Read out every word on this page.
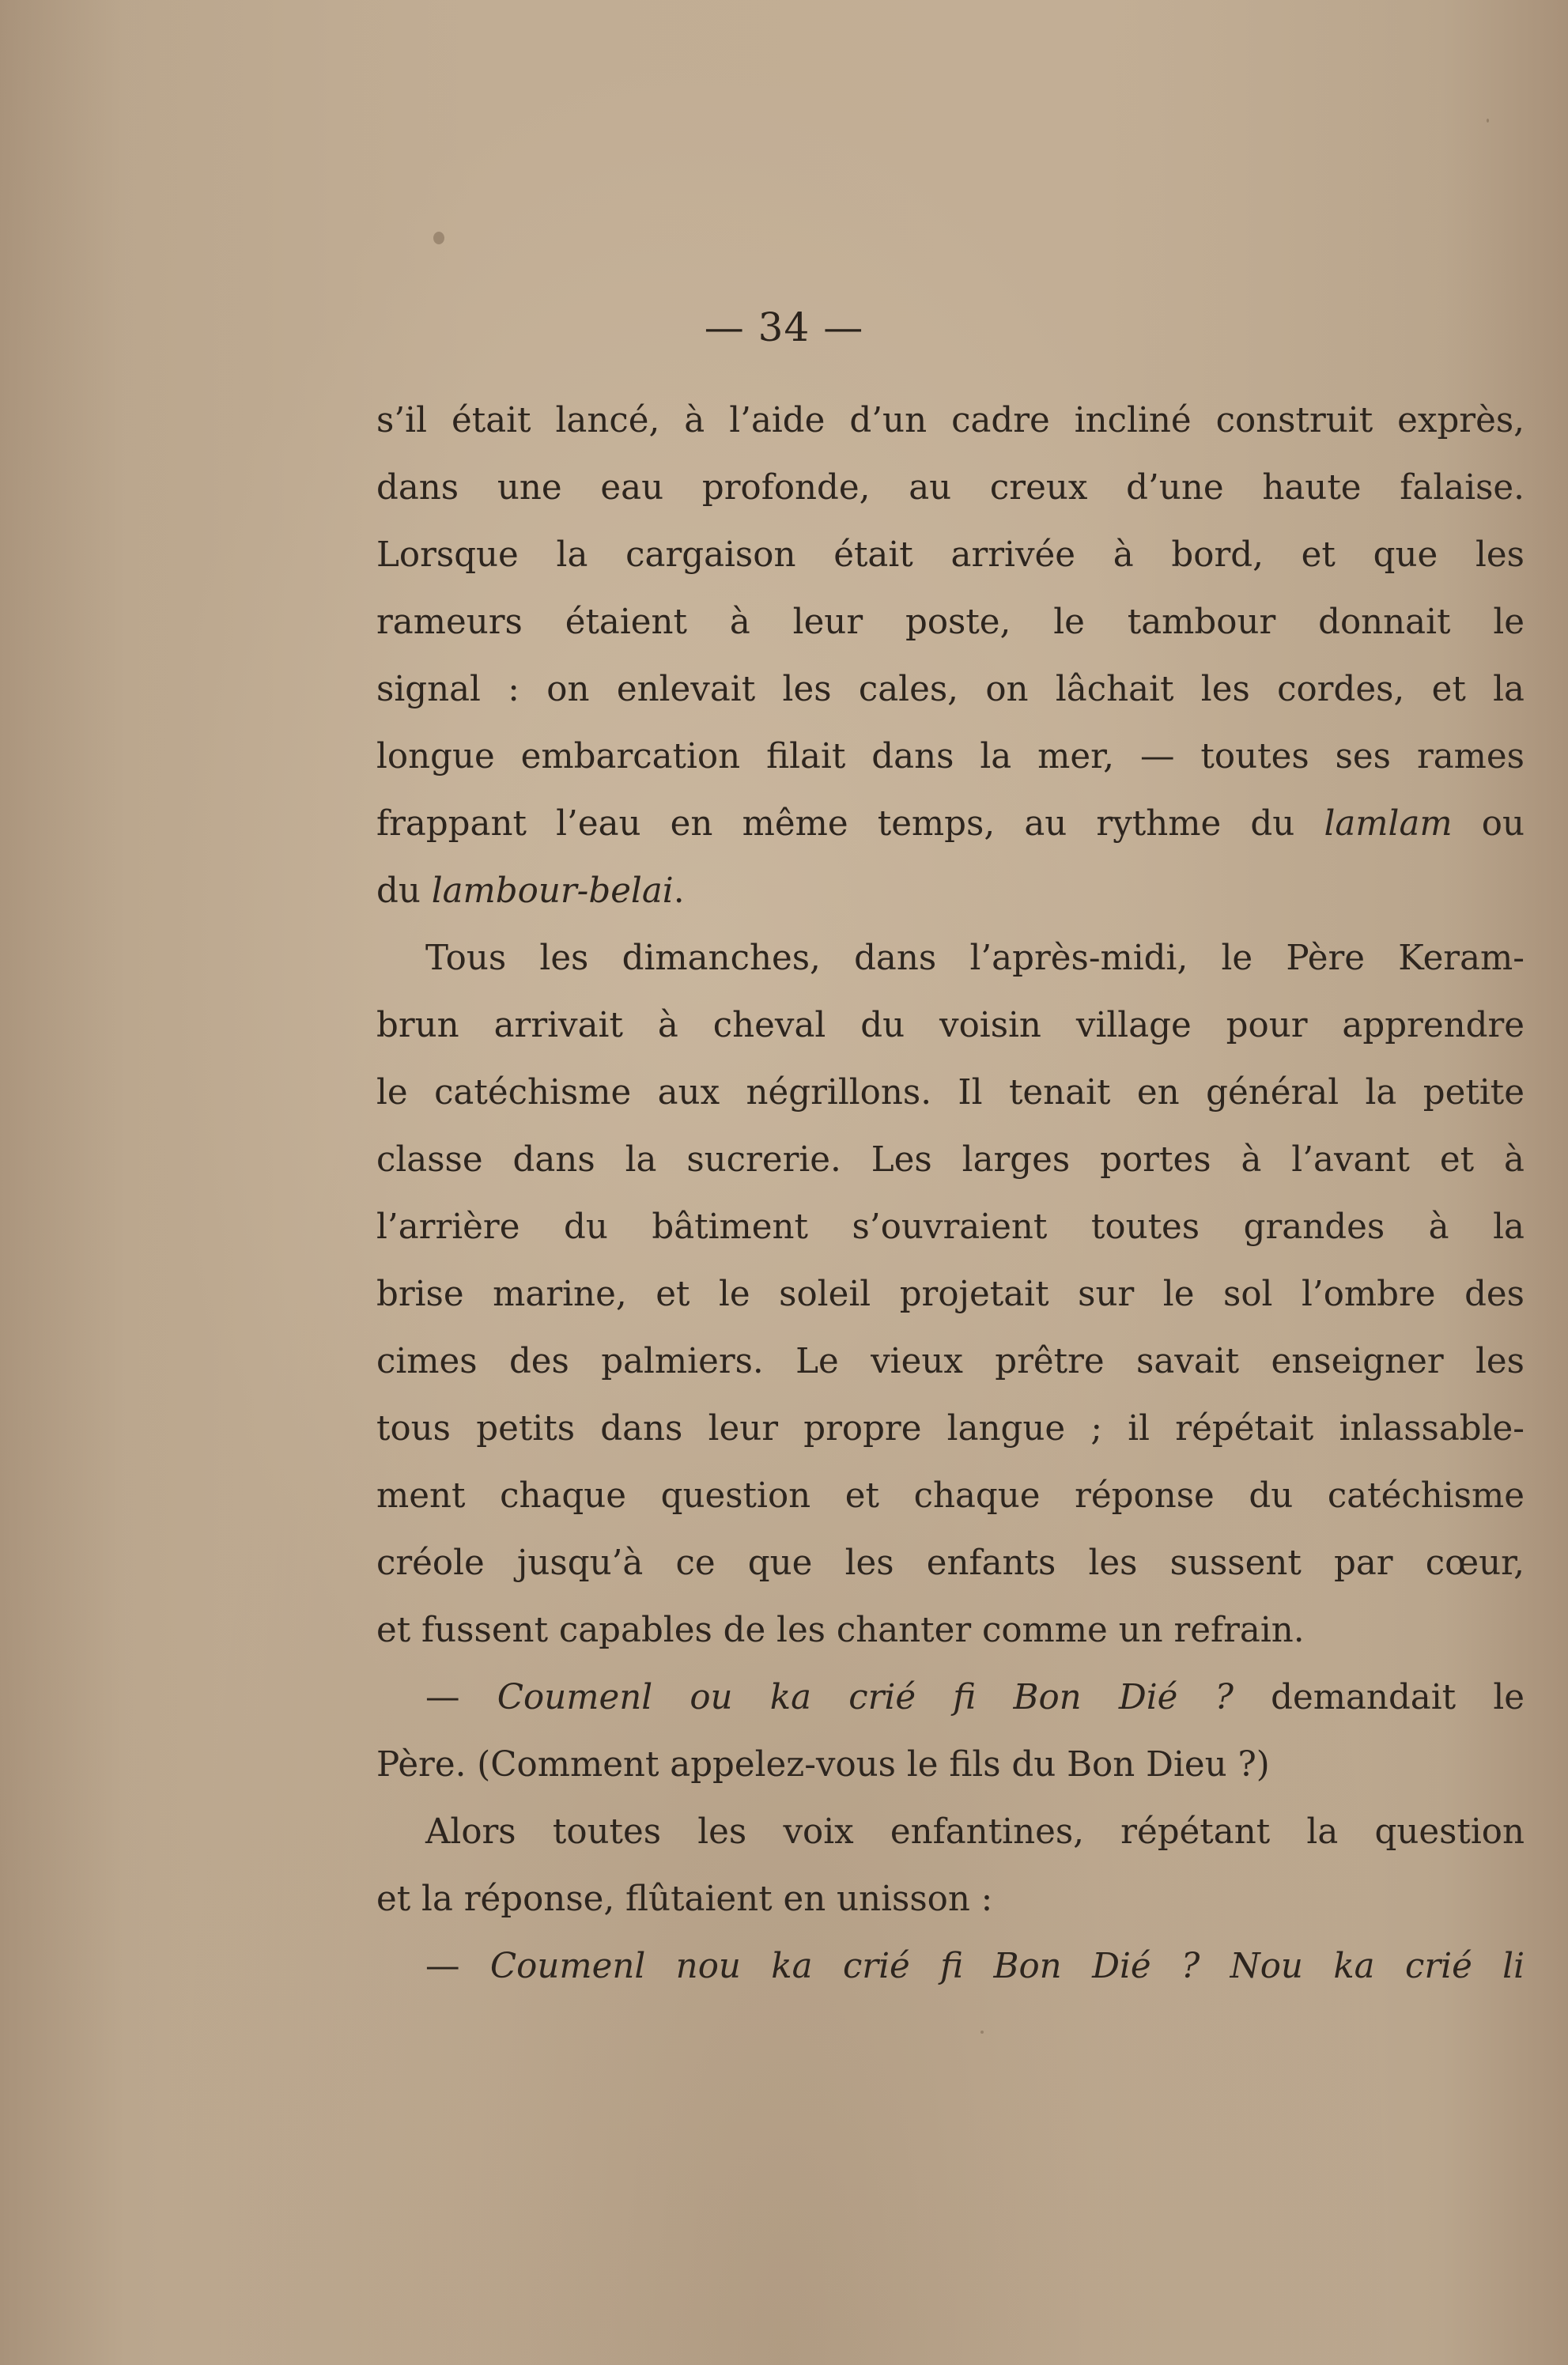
— 34 —

s’il était lancé, à l’aide d’un cadre incliné construit exprès,
dans une eau profonde, au creux d’une haute falaise.
Lorsque la cargaison était arrivée à bord, et que les
rameurs étaient à leur poste, le tambour donnait le
signal : on enlevait les cales, on lâchait les cordes, et la
longue embarcation filait dans la mer, — toutes ses rames
frappant l’eau en même temps, au rythme du lamlam ou
du lambour-belai.

Tous les dimanches, dans l’après-midi, le Père Keram-
brun arrivait à cheval du voisin village pour apprendre
le catéchisme aux négrillons. Il tenait en général la petite
classe dans la sucrerie. Les larges portes à l’avant et à
l’arrière du bâtiment s’ouvraient toutes grandes à la
brise marine, et le soleil projetait sur le sol l’ombre des
cimes des palmiers. Le vieux prêtre savait enseigner les
tous petits dans leur propre langue ; il répétait inlassable-
ment chaque question et chaque réponse du catéchisme
créole jusqu’à ce que les enfants les sussent par cœur,
et fussent capables de les chanter comme un refrain.

— Coumenl ou ka crié fi Bon Dié ? demandait le
Père. (Comment appelez-vous le fils du Bon Dieu ?)

Alors toutes les voix enfantines, répétant la question
et la réponse, flûtaient en unisson :

— Coumenl nou ka crié fi Bon Dié ? Nou ka crié li
